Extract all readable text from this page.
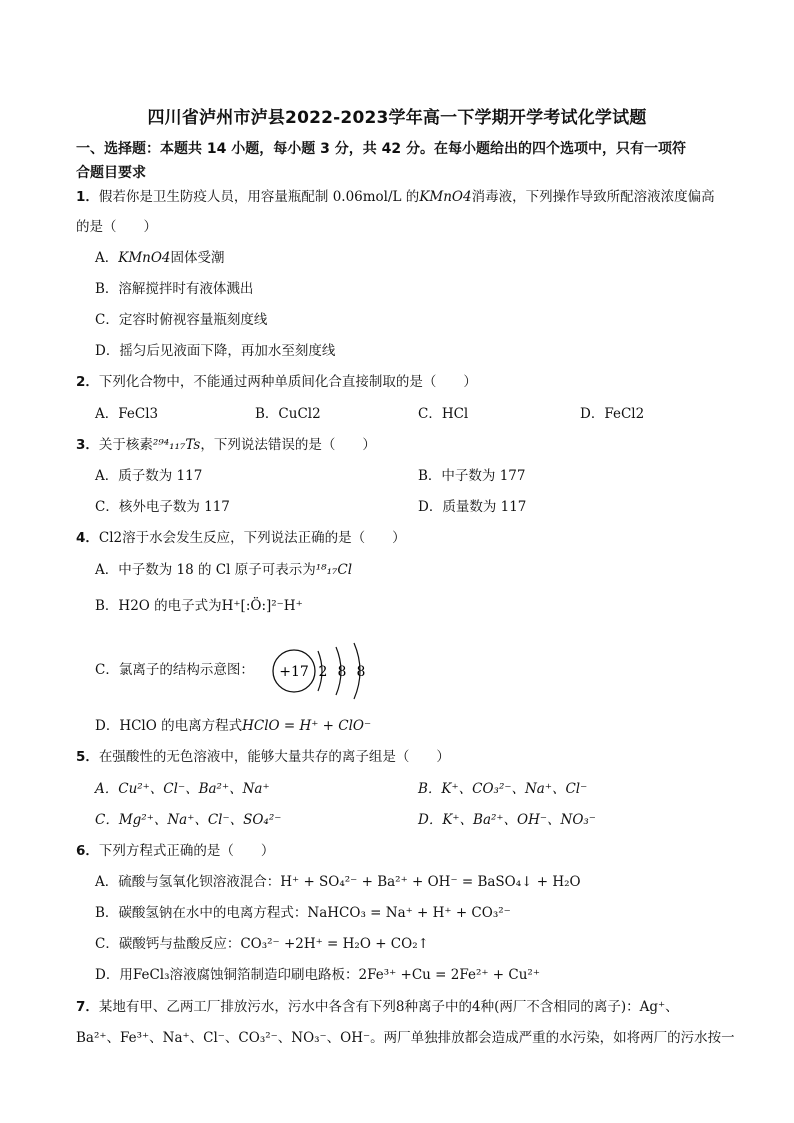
四川省泸州市泸县2022-2023学年高一下学期开学考试化学试题
一、选择题：本题共 14 小题，每小题 3 分，共 42 分。在每小题给出的四个选项中，只有一项符
合题目要求
1．假若你是卫生防疫人员，用容量瓶配制 0.06mol/L 的KMnO4消毒液，下列操作导致所配溶液浓度偏高
的是（　　）
A．KMnO4固体受潮
B．溶解搅拌时有液体溅出
C．定容时俯视容量瓶刻度线
D．摇匀后见液面下降，再加水至刻度线
2．下列化合物中，不能通过两种单质间化合直接制取的是（　　）
A．FeCl3	B．CuCl2	C．HCl	D．FeCl2
3．关于核素²⁹⁴₁₁₇Ts，下列说法错误的是（　　）
A．质子数为 117	B．中子数为 177
C．核外电子数为 117	D．质量数为 117
4．Cl2溶于水会发生反应，下列说法正确的是（　　）
A．中子数为 18 的 Cl 原子可表示为¹⁸₁₇Cl
B．H2O 的电子式为H⁺[:Ö:]²⁻H⁺
C．氯离子的结构示意图： +17 2 8 8
D．HClO 的电离方程式HClO = H⁺ + ClO⁻
5．在强酸性的无色溶液中，能够大量共存的离子组是（　　）
A．Cu²⁺、Cl⁻、Ba²⁺、Na⁺	B．K⁺、CO₃²⁻、Na⁺、Cl⁻
C．Mg²⁺、Na⁺、Cl⁻、SO₄²⁻	D．K⁺、Ba²⁺、OH⁻、NO₃⁻
6．下列方程式正确的是（　　）
A．硫酸与氢氧化钡溶液混合：H⁺ + SO₄²⁻ + Ba²⁺ + OH⁻ = BaSO₄↓ + H₂O
B．碳酸氢钠在水中的电离方程式：NaHCO₃ = Na⁺ + H⁺ + CO₃²⁻
C．碳酸钙与盐酸反应：CO₃²⁻ +2H⁺ = H₂O + CO₂↑
D．用FeCl₃溶液腐蚀铜箔制造印刷电路板：2Fe³⁺ +Cu = 2Fe²⁺ + Cu²⁺
7．某地有甲、乙两工厂排放污水，污水中各含有下列8种离子中的4种(两厂不含相同的离子)：Ag⁺、
Ba²⁺、Fe³⁺、Na⁺、Cl⁻、CO₃²⁻、NO₃⁻、OH⁻。两厂单独排放都会造成严重的水污染，如将两厂的污水按一
